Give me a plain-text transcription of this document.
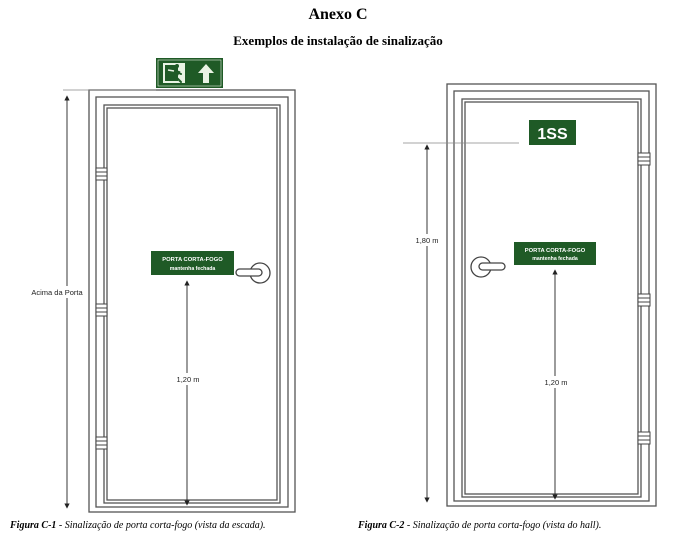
Anexo C
Exemplos de instalação de sinalização
PORTA CORTA-FOGO
mantenha fechada
1,20 m
Acima da Porta
1SS
PORTA CORTA-FOGO
mantenha fechada
1,20 m
1,80 m
Figura C-1 - Sinalização de porta corta-fogo (vista da escada).	Figura C-2 - Sinalização de porta corta-fogo (vista do hall).
